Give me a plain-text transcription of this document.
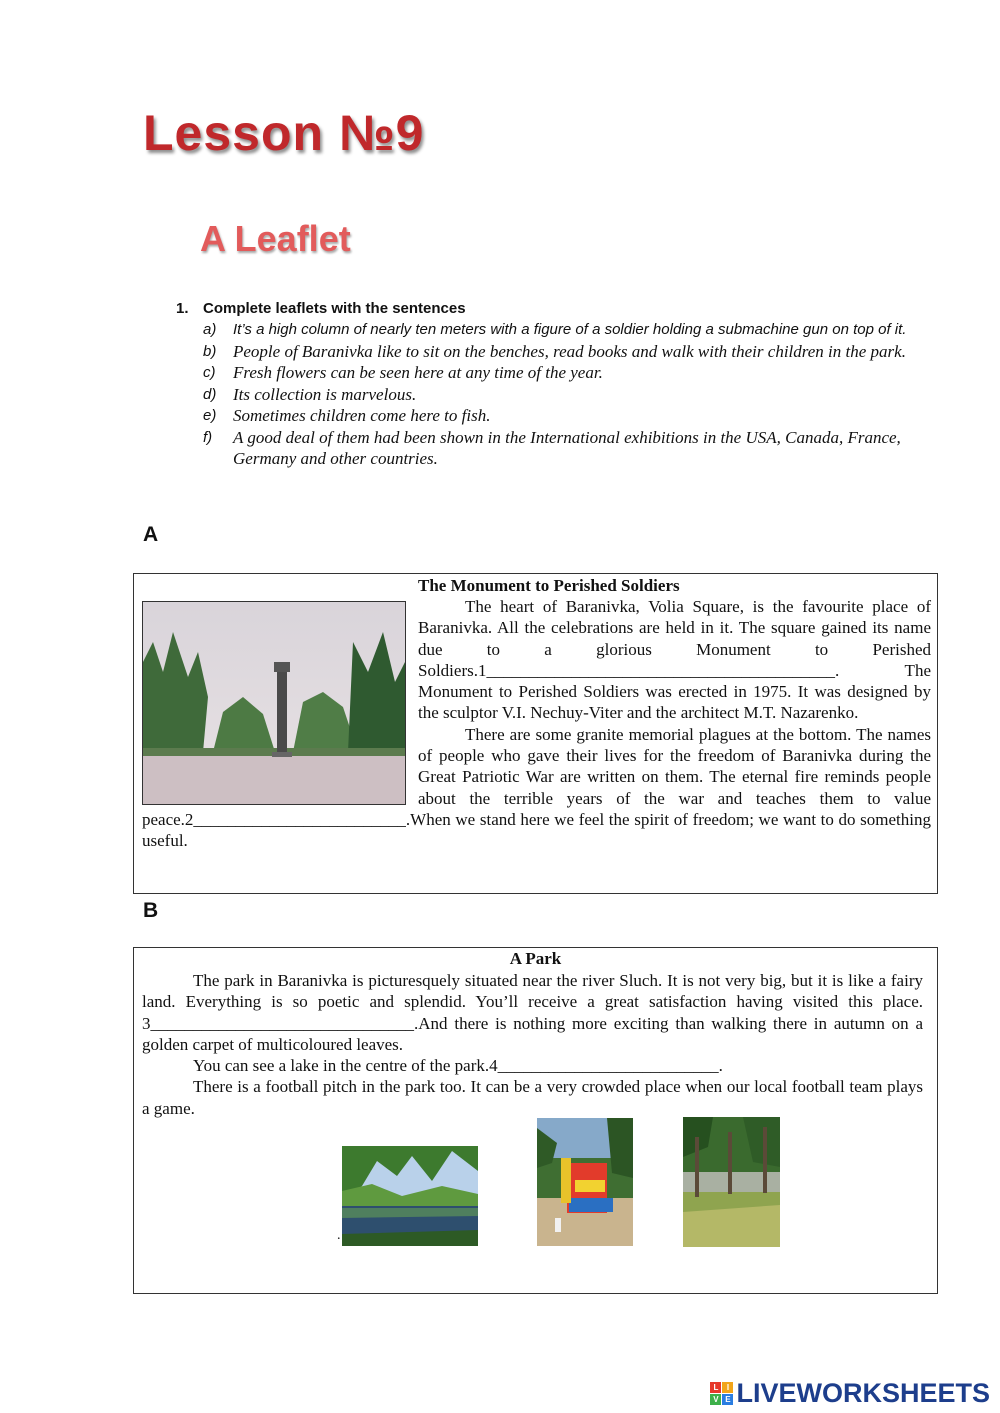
Lesson №9
A Leaflet
1. Complete leaflets with the sentences
a)	It’s a high column of nearly ten meters with a figure of a soldier holding a submachine gun on top of it.
b) People of Baranivka like to sit on the benches, read books and walk with their children in the park.
c)	Fresh flowers can be seen here at any time of the year.
d) Its collection is marvelous.
e) Sometimes children come here to fish.
f)	A good deal of them had been shown in the International exhibitions in the USA, Canada, France, Germany and other countries.
A
The Monument to Perished Soldiers
The heart of Baranivka, Volia Square, is the favourite place of Baranivka. All the celebrations are held in it. The square gained its name due to a glorious Monument to Perished Soldiers.1_________________________________________. The Monument to Perished Soldiers was erected in 1975. It was designed by the sculptor V.I. Nechuy-Viter and the architect M.T. Nazarenko.
There are some granite memorial plagues at the bottom. The names of people who gave their lives for the freedom of Baranivka during the Great Patriotic War are written on them. The eternal fire reminds people about the terrible years of the war and teaches them to value peace.2_________________________.When we stand here we feel the spirit of freedom; we want to do something useful.
B
A Park
The park in Baranivka is picturesquely situated near the river Sluch. It is not very big, but it is like a fairy land. Everything is so poetic and splendid. You’ll receive a great satisfaction having visited this place. 3_______________________________.And there is nothing more exciting than walking there in autumn on a golden carpet of multicoloured leaves.
You can see a lake in the centre of the park.4__________________________.
There is a football pitch in the park too. It can be a very crowded place when our local football team plays a game.
.
L	I
V E LIVEWORKSHEETS
